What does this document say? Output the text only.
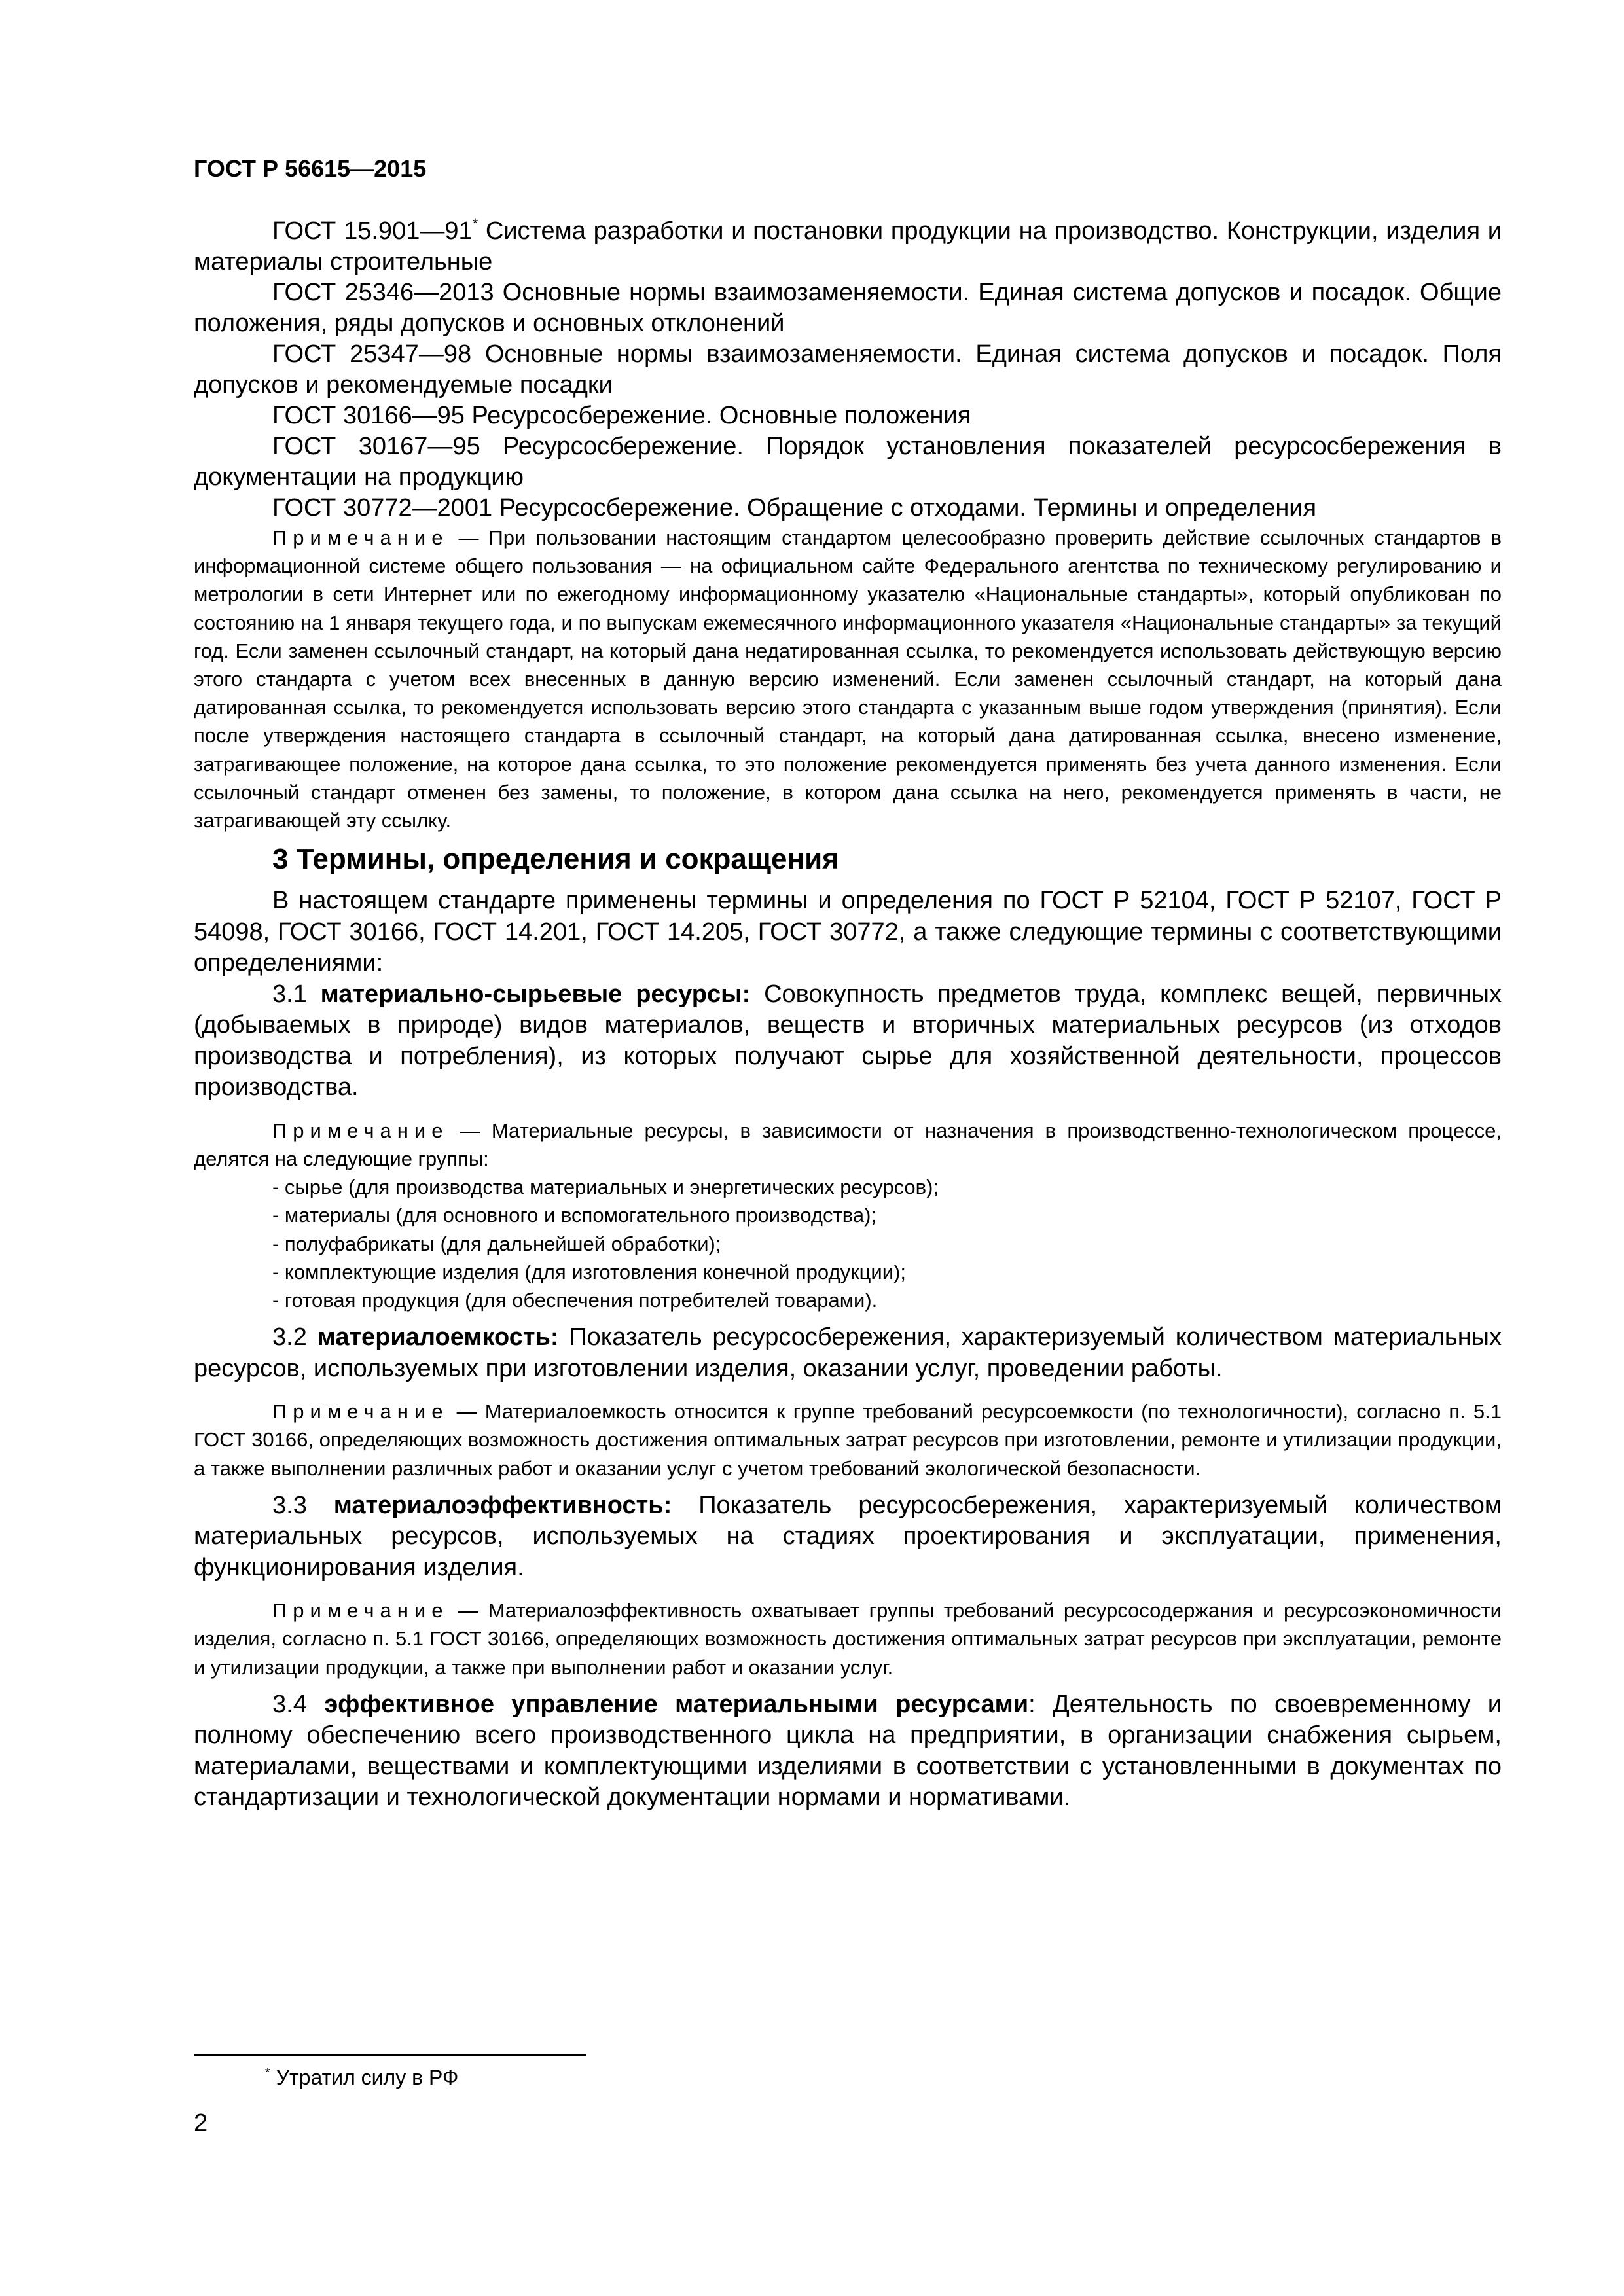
ГОСТ Р 56615—2015

ГОСТ 15.901—91* Система разработки и постановки продукции на производство. Конструкции, изделия и материалы строительные

ГОСТ 25346—2013 Основные нормы взаимозаменяемости. Единая система допусков и посадок. Общие положения, ряды допусков и основных отклонений

ГОСТ 25347—98 Основные нормы взаимозаменяемости. Единая система допусков и посадок. Поля допусков и рекомендуемые посадки

ГОСТ 30166—95 Ресурсосбережение. Основные положения

ГОСТ 30167—95 Ресурсосбережение. Порядок установления показателей ресурсосбережения в документации на продукцию

ГОСТ 30772—2001 Ресурсосбережение. Обращение с отходами. Термины и определения

Примечание — При пользовании настоящим стандартом целесообразно проверить действие ссылочных стандартов в информационной системе общего пользования — на официальном сайте Федерального агентства по техническому регулированию и метрологии в сети Интернет или по ежегодному информационному указателю «Национальные стандарты», который опубликован по состоянию на 1 января текущего года, и по выпускам ежемесячного информационного указателя «Национальные стандарты» за текущий год. Если заменен ссылочный стандарт, на который дана недатированная ссылка, то рекомендуется использовать действующую версию этого стандарта с учетом всех внесенных в данную версию изменений. Если заменен ссылочный стандарт, на который дана датированная ссылка, то рекомендуется использовать версию этого стандарта с указанным выше годом утверждения (принятия). Если после утверждения настоящего стандарта в ссылочный стандарт, на который дана датированная ссылка, внесено изменение, затрагивающее положение, на которое дана ссылка, то это положение рекомендуется применять без учета данного изменения. Если ссылочный стандарт отменен без замены, то положение, в котором дана ссылка на него, рекомендуется применять в части, не затрагивающей эту ссылку.

3 Термины, определения и сокращения

В настоящем стандарте применены термины и определения по ГОСТ Р 52104, ГОСТ Р 52107, ГОСТ Р 54098, ГОСТ 30166, ГОСТ 14.201, ГОСТ 14.205, ГОСТ 30772, а также следующие термины с соответствующими определениями:

3.1 материально-сырьевые ресурсы: Совокупность предметов труда, комплекс вещей, первичных (добываемых в природе) видов материалов, веществ и вторичных материальных ресурсов (из отходов производства и потребления), из которых получают сырье для хозяйственной деятельности, процессов производства.

Примечание — Материальные ресурсы, в зависимости от назначения в производственно-технологическом процессе, делятся на следующие группы:

- сырье (для производства материальных и энергетических ресурсов);
- материалы (для основного и вспомогательного производства);
- полуфабрикаты (для дальнейшей обработки);
- комплектующие изделия (для изготовления конечной продукции);
- готовая продукция (для обеспечения потребителей товарами).

3.2 материалоемкость: Показатель ресурсосбережения, характеризуемый количеством материальных ресурсов, используемых при изготовлении изделия, оказании услуг, проведении работы.

Примечание — Материалоемкость относится к группе требований ресурсоемкости (по технологичности), согласно п. 5.1 ГОСТ 30166, определяющих возможность достижения оптимальных затрат ресурсов при изготовлении, ремонте и утилизации продукции, а также выполнении различных работ и оказании услуг с учетом требований экологической безопасности.

3.3 материалоэффективность: Показатель ресурсосбережения, характеризуемый количеством материальных ресурсов, используемых на стадиях проектирования и эксплуатации, применения, функционирования изделия.

Примечание — Материалоэффективность охватывает группы требований ресурсосодержания и ресурсоэкономичности изделия, согласно п. 5.1 ГОСТ 30166, определяющих возможность достижения оптимальных затрат ресурсов при эксплуатации, ремонте и утилизации продукции, а также при выполнении работ и оказании услуг.

3.4 эффективное управление материальными ресурсами: Деятельность по своевременному и полному обеспечению всего производственного цикла на предприятии, в организации снабжения сырьем, материалами, веществами и комплектующими изделиями в соответствии с установленными в документах по стандартизации и технологической документации нормами и нормативами.

* Утратил силу в РФ
2
